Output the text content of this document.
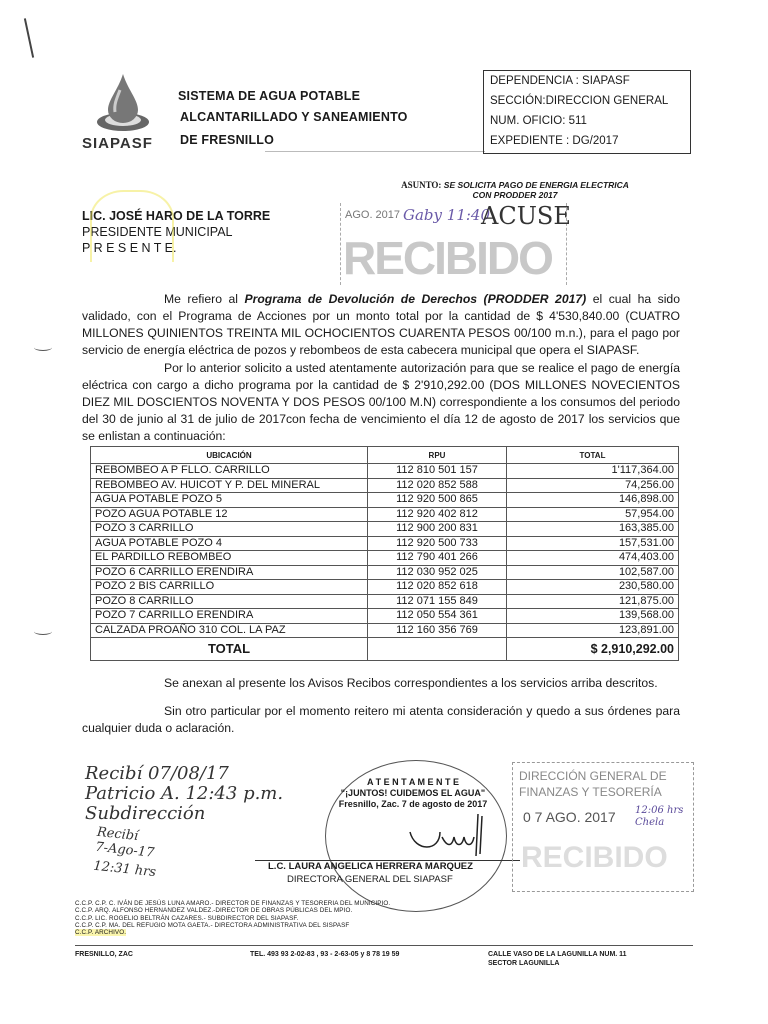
SIAPASF
SISTEMA DE AGUA POTABLE
ALCANTARILLADO Y SANEAMIENTO
DE FRESNILLO
DEPENDENCIA : SIAPASF
SECCIÓN:DIRECCION GENERAL
NUM. OFICIO: 511
EXPEDIENTE : DG/2017
ASUNTO: SE SOLICITA PAGO DE ENERGIA ELECTRICA
CON PRODDER 2017
AGO. 2017 Gaby 11:40
ACUSE
RECIBIDO
LIC. JOSÉ HARO DE LA TORRE
PRESIDENTE MUNICIPAL
P R E S E N T E.

Me refiero al Programa de Devolución de Derechos (PRODDER 2017) el cual ha sido validado, con el Programa de Acciones por un monto total por la cantidad de $ 4'530,840.00 (CUATRO MILLONES QUINIENTOS TREINTA MIL OCHOCIENTOS CUARENTA PESOS 00/100 m.n.), para el pago por servicio de energía eléctrica de pozos y rebombeos de esta cabecera municipal que opera el SIAPASF.

Por lo anterior solicito a usted atentamente autorización para que se realice el pago de energía eléctrica con cargo a dicho programa por la cantidad de $ 2'910,292.00 (DOS MILLONES NOVECIENTOS DIEZ MIL DOSCIENTOS NOVENTA Y DOS PESOS 00/100 M.N) correspondiente a los consumos del periodo del 30 de junio al 31 de julio de 2017con fecha de vencimiento el día 12 de agosto de 2017 los servicios que se enlistan a continuación:

UBICACIÓN	RPU	TOTAL
REBOMBEO A P FLLO. CARRILLO	112 810 501 157	1'117,364.00
REBOMBEO AV. HUICOT Y P. DEL MINERAL	112 020 852 588	74,256.00
AGUA POTABLE POZO 5	112 920 500 865	146,898.00
POZO AGUA POTABLE 12	112 920 402 812	57,954.00
POZO 3 CARRILLO	112 900 200 831	163,385.00
AGUA POTABLE POZO 4	112 920 500 733	157,531.00
EL PARDILLO REBOMBEO	112 790 401 266	474,403.00
POZO 6 CARRILLO ERENDIRA	112 030 952 025	102,587.00
POZO 2 BIS CARRILLO	112 020 852 618	230,580.00
POZO 8 CARRILLO	112 071 155 849	121,875.00
POZO 7 CARRILLO ERENDIRA	112 050 554 361	139,568.00
CALZADA PROAÑO 310 COL. LA PAZ	112 160 356 769	123,891.00
TOTAL		$ 2,910,292.00

Se anexan al presente los Avisos Recibos correspondientes a los servicios arriba descritos.

Sin otro particular por el momento reitero mi atenta consideración y quedo a sus órdenes para cualquier duda o aclaración.

Recibí 07/08/17
Patricio A. 12:43 p.m.
Subdirección
Recibí
7-Ago-17
12:31 hrs
A T E N T A M E N T E
"¡JUNTOS! CUIDEMOS EL AGUA"
Fresnillo, Zac. 7 de agosto de 2017
L.C. LAURA ANGELICA HERRERA MARQUEZ
DIRECTORA GENERAL DEL SIAPASF
DIRECCIÓN GENERAL DE
FINANZAS Y TESORERÍA
0 7 AGO. 2017 12:06 hrs Chela
RECIBIDO
C.C.P. C.P. C. IVÁN DE JESÚS LUNA AMARO.- DIRECTOR DE FINANZAS Y TESORERIA DEL MUNICIPIO.
C.C.P. ARQ. ALFONSO HERNANDEZ VALDEZ.-DIRECTOR DE OBRAS PÚBLICAS DEL MPIO.
C.C.P. LIC. ROGELIO BELTRÁN CAZARES.- SUBDIRECTOR DEL SIAPASF.
C.C.P. C.P. MA. DEL REFUGIO MOTA GAETA.- DIRECTORA ADMINISTRATIVA DEL SISPASF
C.C.P. ARCHIVO.
FRESNILLO, ZAC	TEL. 493 93 2-02-83 , 93 - 2-63-05 y 8 78 19 59	CALLE VASO DE LA LAGUNILLA NUM. 11
SECTOR LAGUNILLA
